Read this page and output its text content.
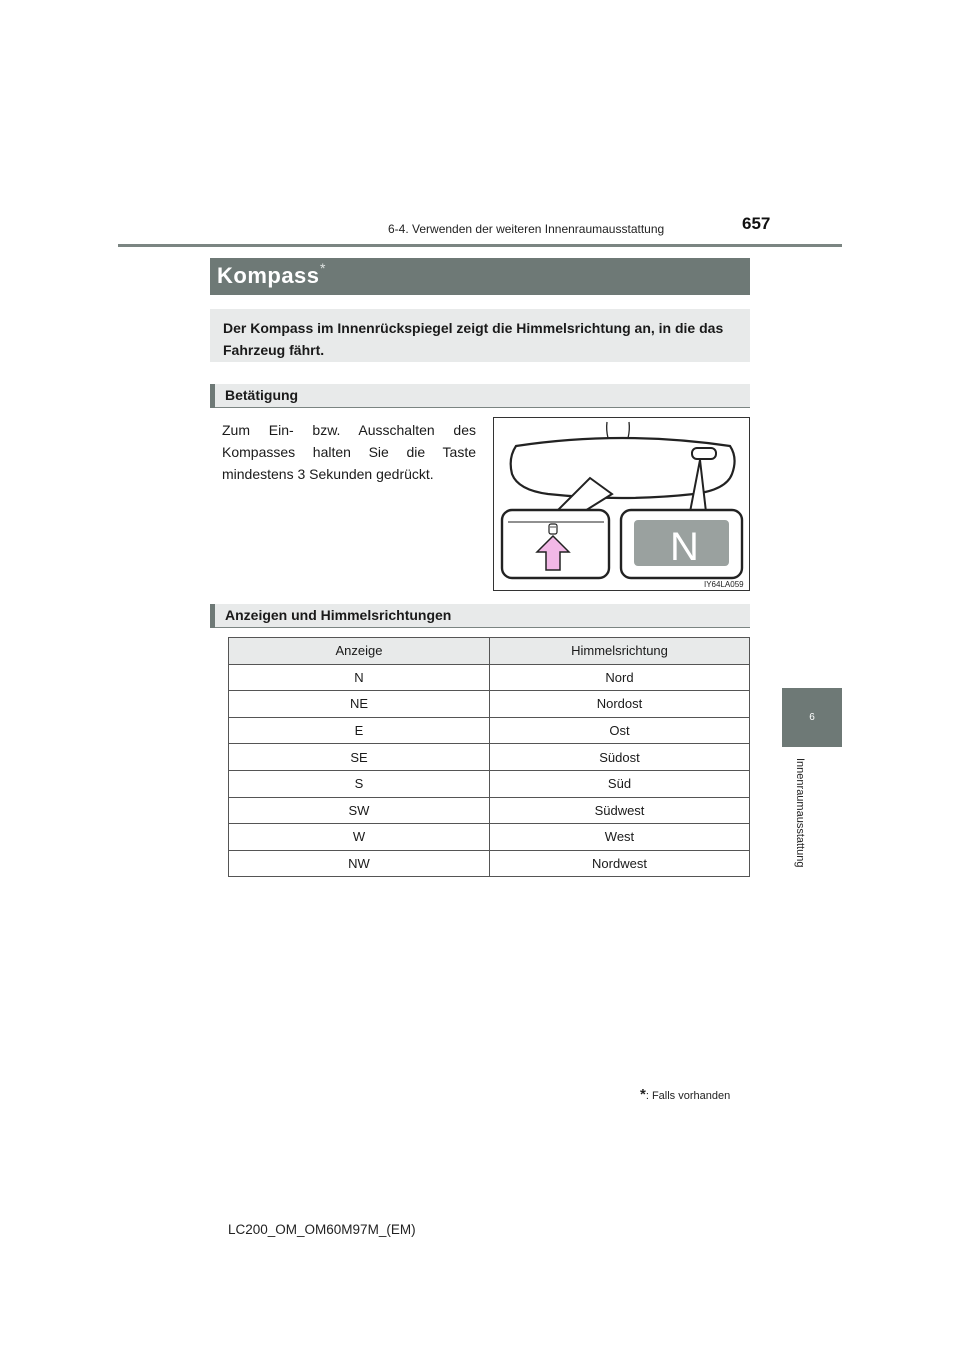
6-4. Verwenden der weiteren Innenraumausstattung	657
6
Innenraumausstattung
Kompass *
Der Kompass im Innenrückspiegel zeigt die Himmelsrichtung an, in die das Fahrzeug fährt.
Betätigung
Zum Ein- bzw. Ausschalten des Kompasses halten Sie die Taste mindestens 3 Sekunden gedrückt.
N
IY64LA059
Anzeigen und Himmelsrichtungen
Anzeige	Himmelsrichtung
N	Nord
NE	Nordost
E	Ost
SE	Südost
S	Süd
SW	Südwest
W	West
NW	Nordwest
*: Falls vorhanden
LC200_OM_OM60M97M_(EM)
